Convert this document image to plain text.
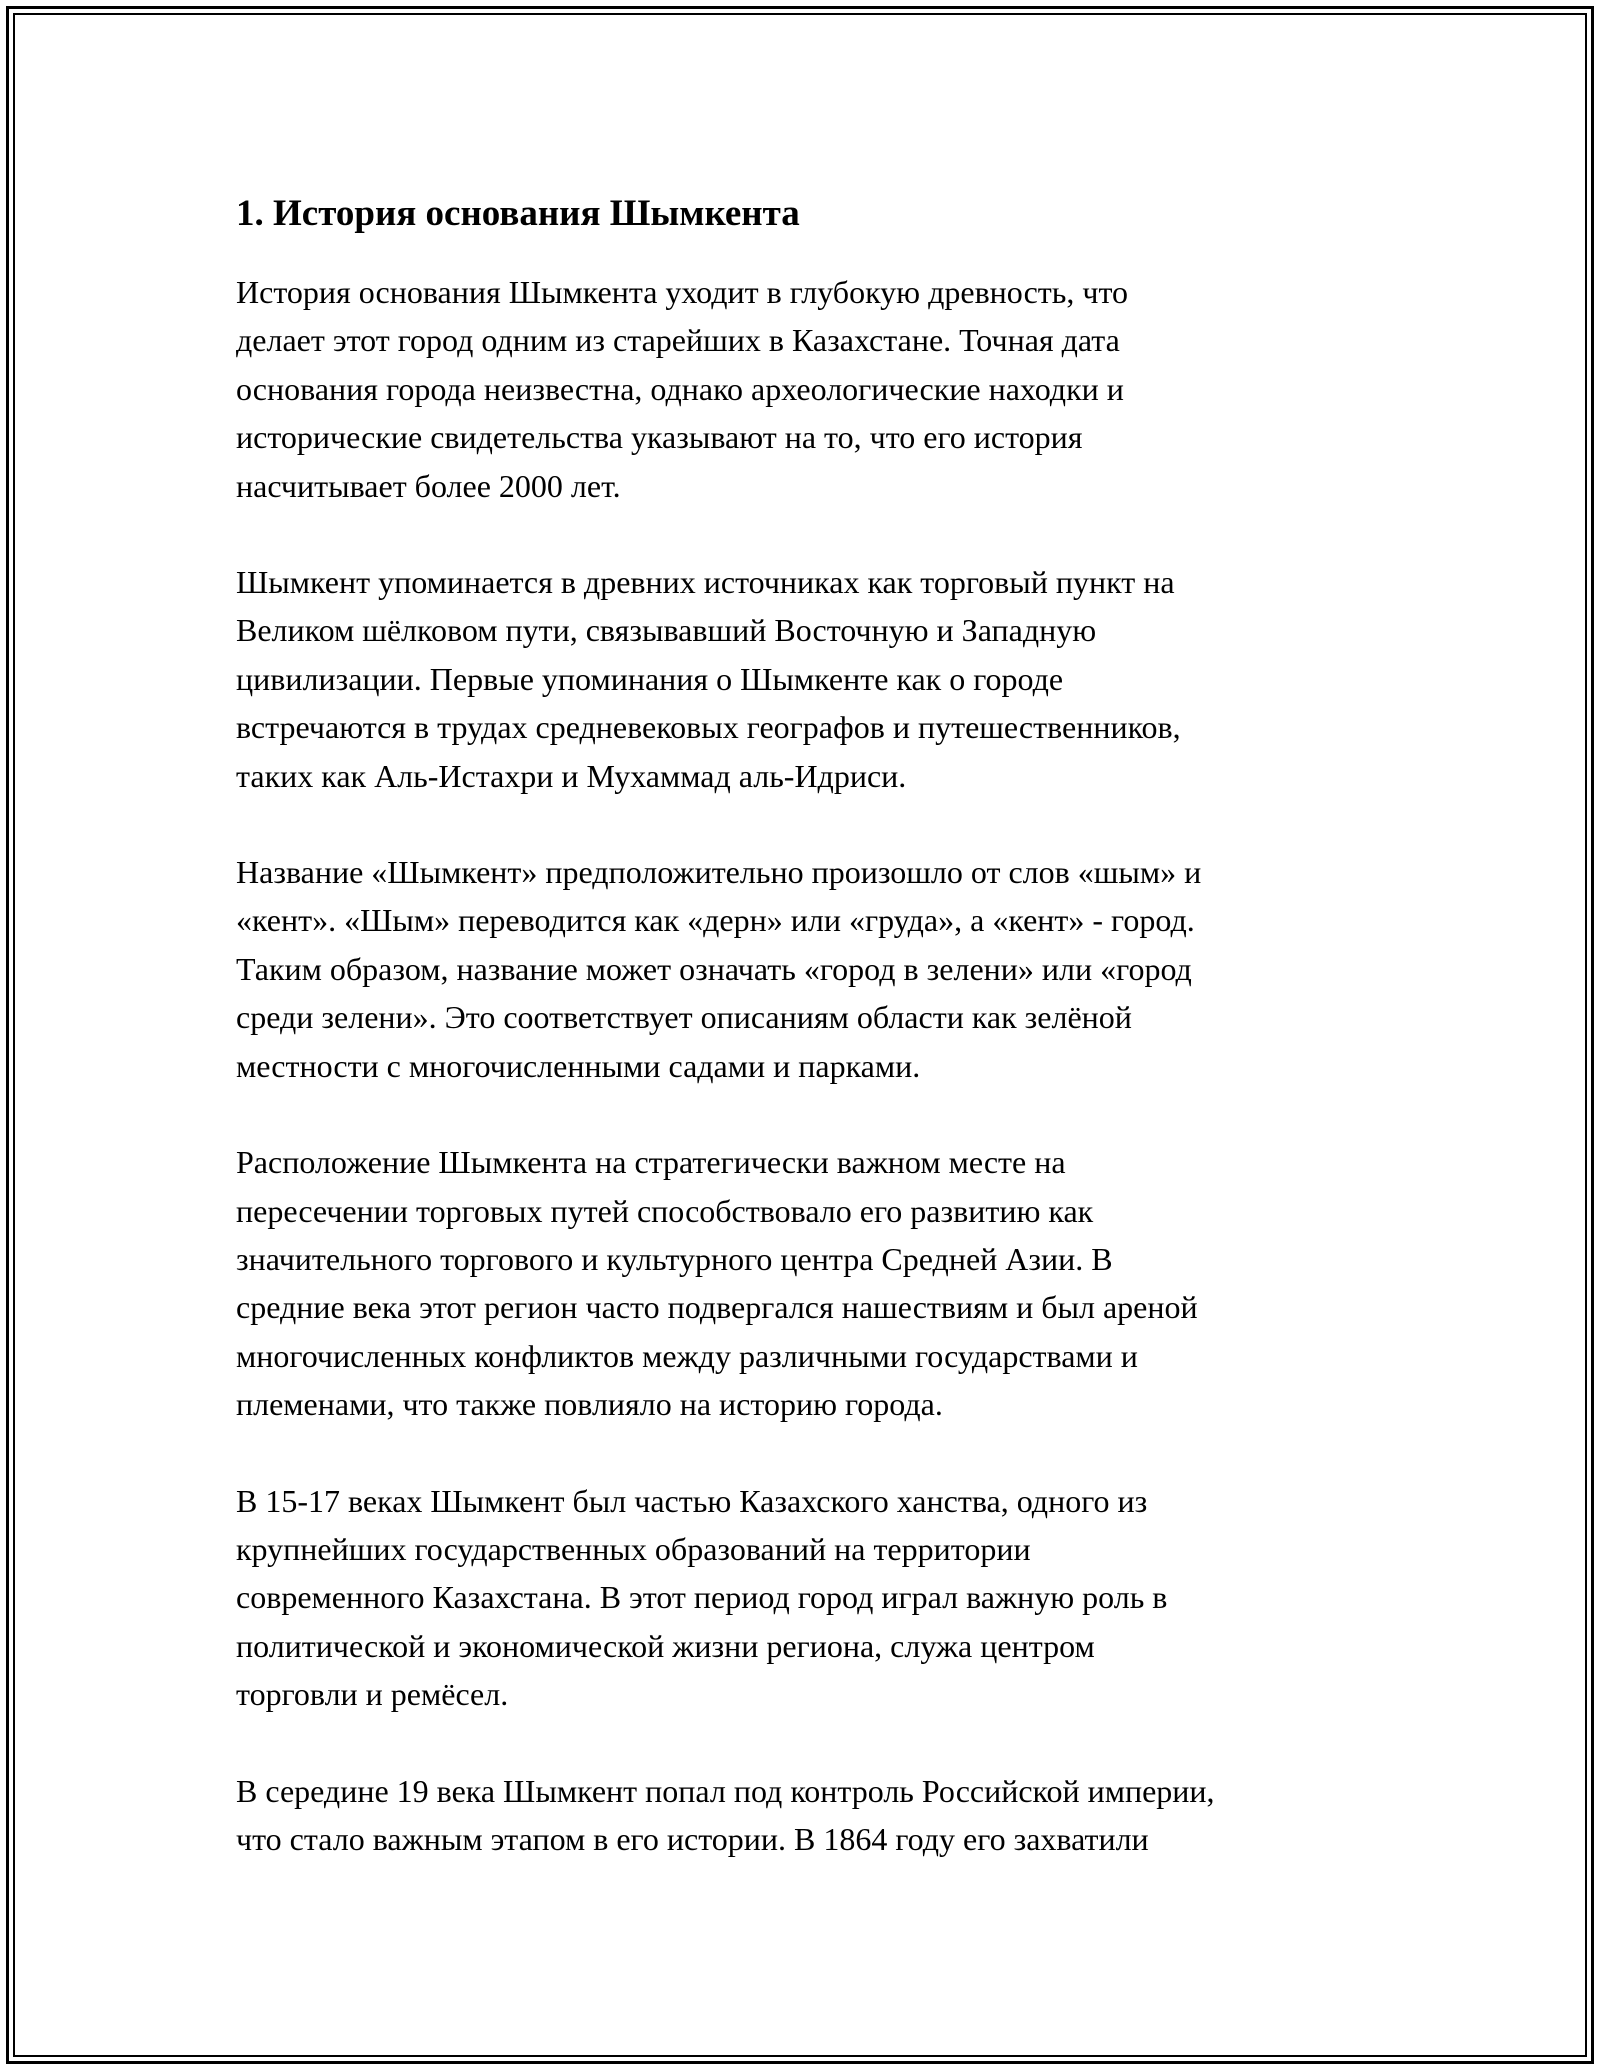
1. История основания Шымкента

История основания Шымкента уходит в глубокую древность, что
делает этот город одним из старейших в Казахстане. Точная дата
основания города неизвестна, однако археологические находки и
исторические свидетельства указывают на то, что его история
насчитывает более 2000 лет.

Шымкент упоминается в древних источниках как торговый пункт на
Великом шёлковом пути, связывавший Восточную и Западную
цивилизации. Первые упоминания о Шымкенте как о городе
встречаются в трудах средневековых географов и путешественников,
таких как Аль-Истахри и Мухаммад аль-Идриси.

Название «Шымкент» предположительно произошло от слов «шым» и
«кент». «Шым» переводится как «дерн» или «груда», а «кент» - город.
Таким образом, название может означать «город в зелени» или «город
среди зелени». Это соответствует описаниям области как зелёной
местности с многочисленными садами и парками.

Расположение Шымкента на стратегически важном месте на
пересечении торговых путей способствовало его развитию как
значительного торгового и культурного центра Средней Азии. В
средние века этот регион часто подвергался нашествиям и был ареной
многочисленных конфликтов между различными государствами и
племенами, что также повлияло на историю города.

В 15-17 веках Шымкент был частью Казахского ханства, одного из
крупнейших государственных образований на территории
современного Казахстана. В этот период город играл важную роль в
политической и экономической жизни региона, служа центром
торговли и ремёсел.

В середине 19 века Шымкент попал под контроль Российской империи,
что стало важным этапом в его истории. В 1864 году его захватили
